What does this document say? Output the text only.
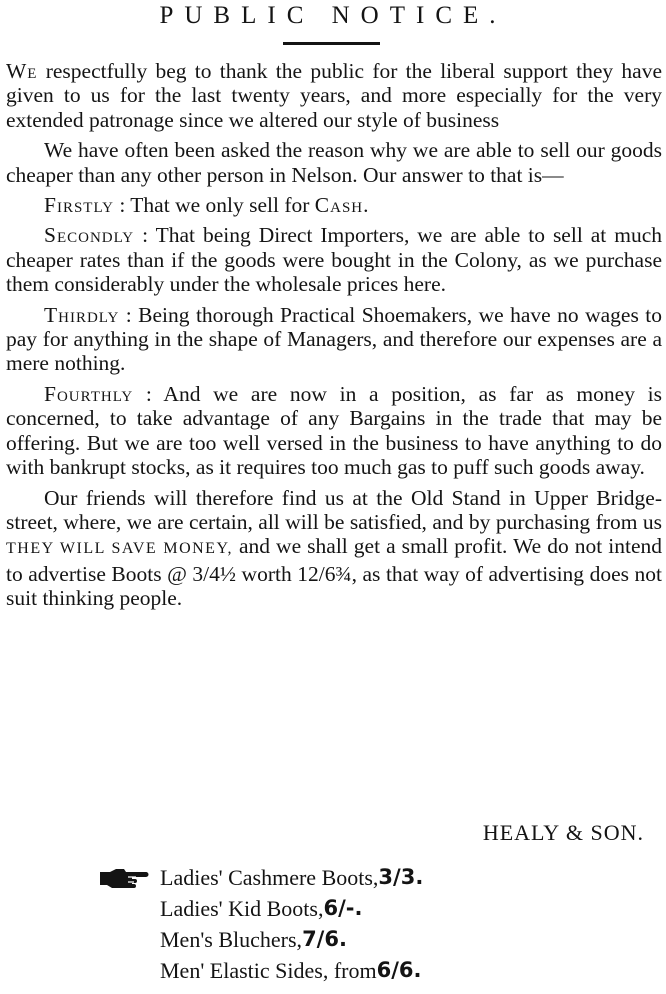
PUBLIC NOTICE.

We respectfully beg to thank the public for the liberal support they have given to us for the last twenty years, and more especially for the very extended patronage since we altered our style of business

We have often been asked the reason why we are able to sell our goods cheaper than any other person in Nelson. Our answer to that is—

Firstly : That we only sell for Cash.

Secondly : That being Direct Importers, we are able to sell at much cheaper rates than if the goods were bought in the Colony, as we purchase them considerably under the wholesale prices here.

Thirdly : Being thorough Practical Shoemakers, we have no wages to pay for anything in the shape of Managers, and therefore our expenses are a mere nothing.

Fourthly : And we are now in a position, as far as money is concerned, to take advantage of any Bargains in the trade that may be offering. But we are too well versed in the business to have anything to do with bankrupt stocks, as it requires too much gas to puff such goods away.

Our friends will therefore find us at the Old Stand in Upper Bridge-street, where, we are certain, all will be satisfied, and by purchasing from us THEY WILL SAVE MONEY, and we shall get a small profit. We do not intend to advertise Boots @ 3/4½ worth 12/6¾, as that way of advertising does not suit thinking people.

HEALY & SON.
Ladies' Cashmere Boots, 3/3.
Ladies' Kid Boots, 6/-.
Men's Bluchers, 7/6.
Men' Elastic Sides, from 6/6.
